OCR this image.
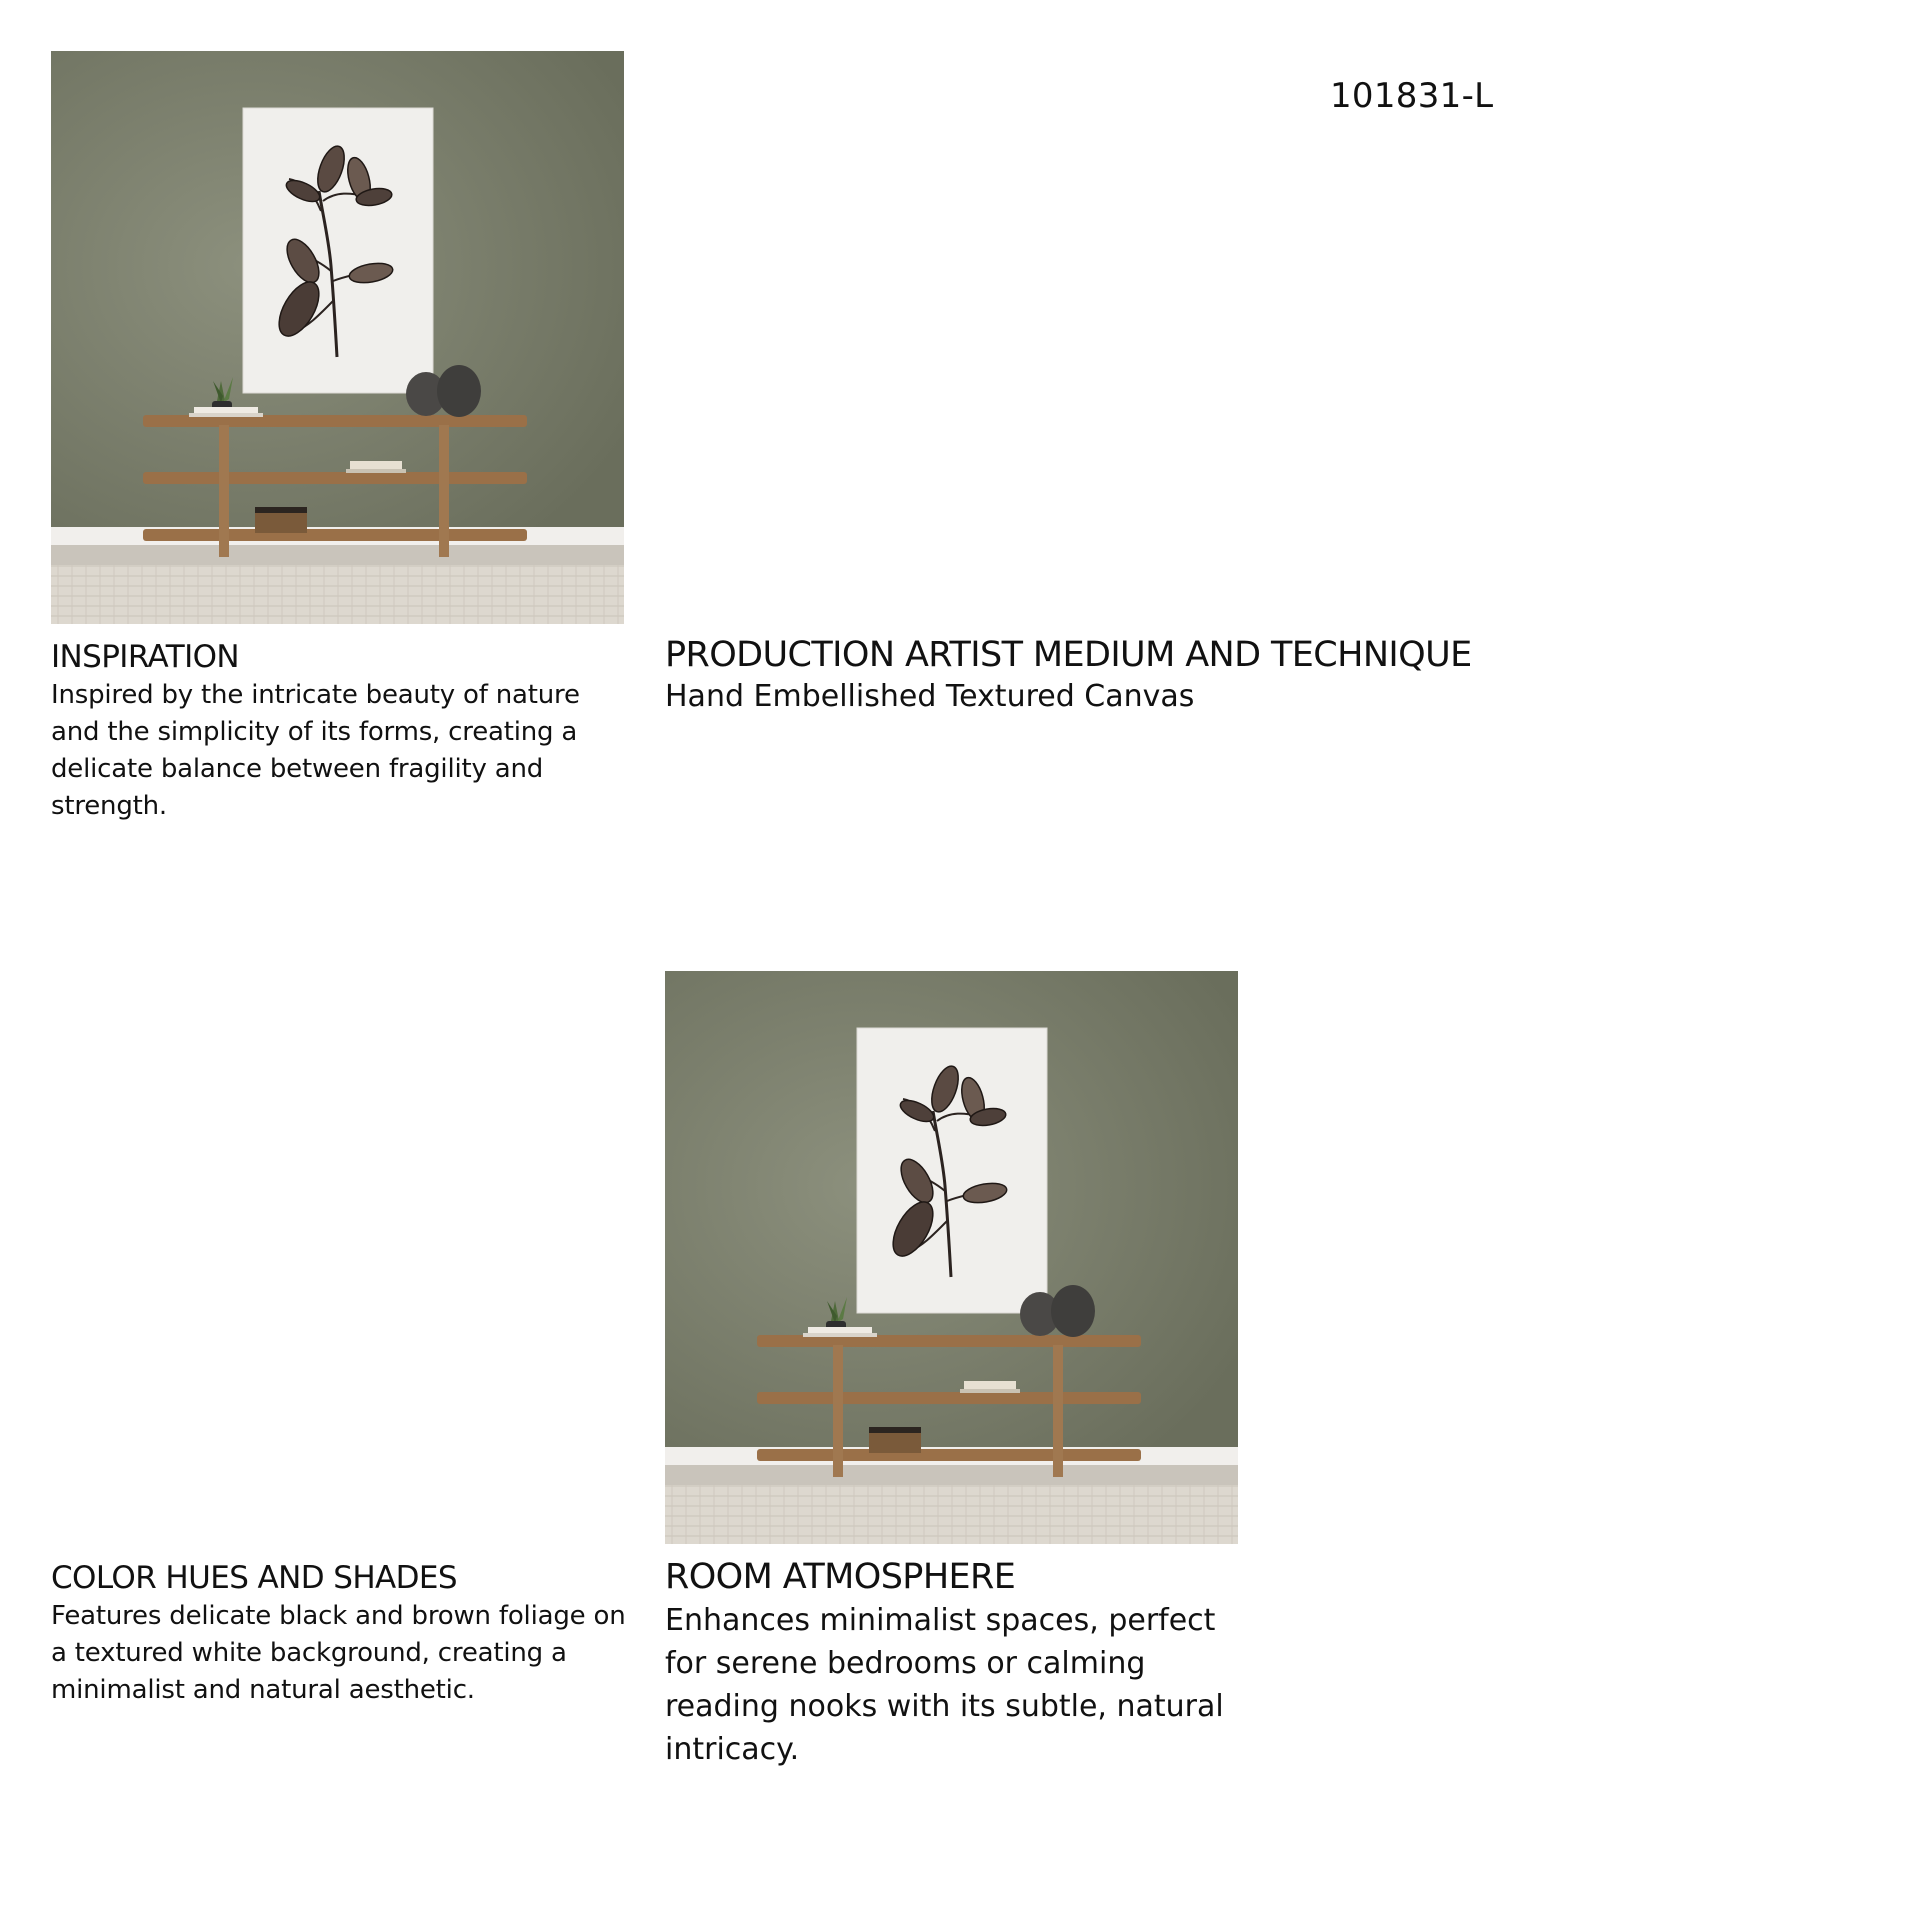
101831-L
INSPIRATION

Inspired by the intricate beauty of nature and the simplicity of its forms, creating a delicate balance between fragility and strength.

PRODUCTION ARTIST MEDIUM AND TECHNIQUE

Hand Embellished Textured Canvas

COLOR HUES AND SHADES

Features delicate black and brown foliage on a textured white background, creating a minimalist and natural aesthetic.

ROOM ATMOSPHERE

Enhances minimalist spaces, perfect for serene bedrooms or calming reading nooks with its subtle, natural intricacy.
